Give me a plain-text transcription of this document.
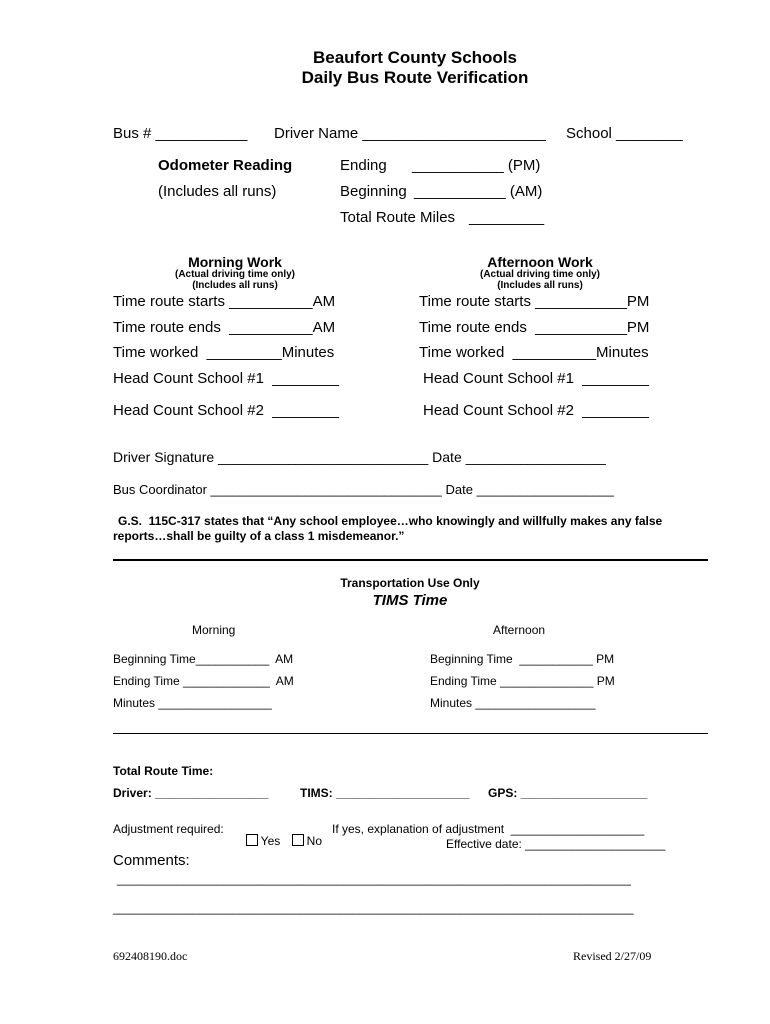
Beaufort County Schools
Daily Bus Route Verification
Bus # ___________ Driver Name ______________________ School ________
Odometer Reading
(Includes all runs)
Ending ___________ (PM)
Beginning ___________ (AM)
Total Route Miles _________
Morning Work
(Actual driving time only)
(Includes all runs)
Afternoon Work
(Actual driving time only)
(Includes all runs)
Time route starts __________AM
Time route ends  __________AM
Time worked  _________Minutes
Head Count School #1  ________
Head Count School #2  ________
Time route starts ___________PM
Time route ends  ___________PM
Time worked  __________Minutes
Head Count School #1  ________
Head Count School #2  ________
Driver Signature ___________________________ Date __________________
Bus Coordinator ________________________________ Date ___________________
G.S.  115C-317 states that “Any school employee…who knowingly and willfully makes any false
reports…shall be guilty of a class 1 misdemeanor.”
Transportation Use Only
TIMS Time
Morning	Afternoon
Beginning Time___________  AM
Ending Time _____________  AM
Minutes _________________
Beginning Time  ___________ PM
Ending Time ______________ PM
Minutes __________________
Total Route Time:
Driver: _________________	TIMS: ____________________ GPS: ___________________
Adjustment required:

Yes	No

If yes, explanation of adjustment  ____________________
Effective date: _____________________
Comments:
_____________________________________________________________________________
______________________________________________________________________________
692408190.doc	Revised 2/27/09
